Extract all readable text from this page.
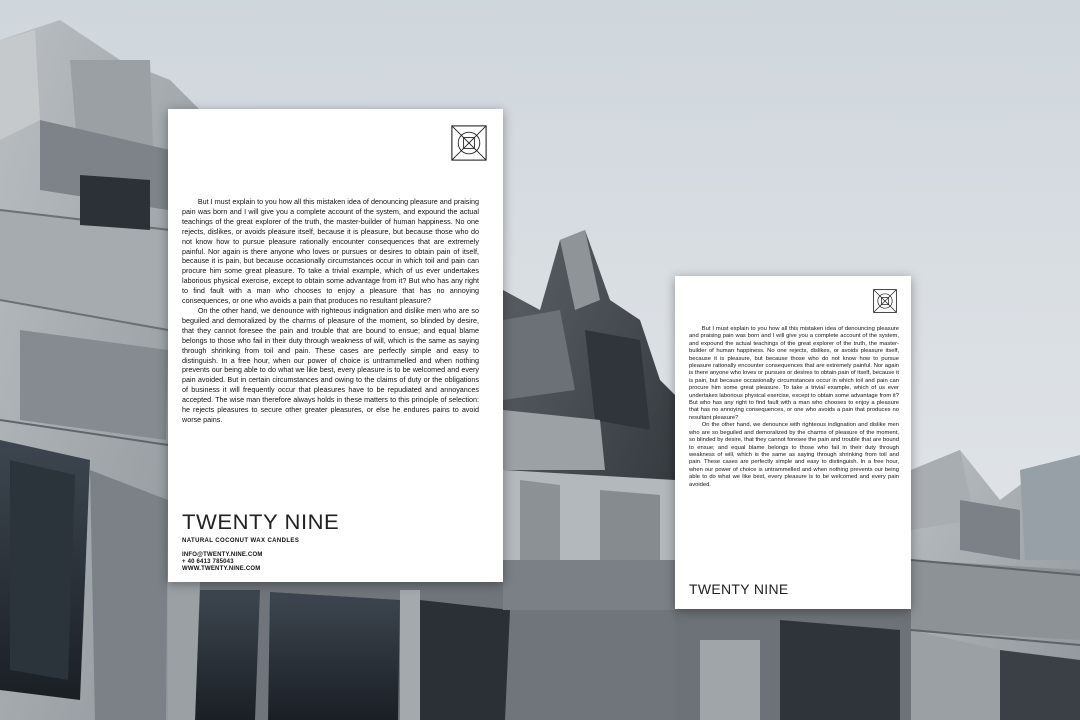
But I must explain to you how all this mistaken idea of denouncing pleasure and praising pain was born and I will give you a complete account of the system, and expound the actual teachings of the great explorer of the truth, the master-builder of human happiness. No one rejects, dislikes, or avoids pleasure itself, because it is pleasure, but because those who do not know how to pursue pleasure rationally encounter consequences that are extremely painful. Nor again is there anyone who loves or pursues or desires to obtain pain of itself, because it is pain, but because occasionally circumstances occur in which toil and pain can procure him some great pleasure. To take a trivial example, which of us ever undertakes laborious physical exercise, except to obtain some advantage from it? But who has any right to find fault with a man who chooses to enjoy a pleasure that has no annoying consequences, or one who avoids a pain that produces no resultant pleasure?

On the other hand, we denounce with righteous indignation and dislike men who are so beguiled and demoralized by the charms of pleasure of the moment, so blinded by desire, that they cannot foresee the pain and trouble that are bound to ensue; and equal blame belongs to those who fail in their duty through weakness of will, which is the same as saying through shrinking from toil and pain. These cases are perfectly simple and easy to distinguish. In a free hour, when our power of choice is untrammelled and when nothing prevents our being able to do what we like best, every pleasure is to be welcomed and every pain avoided. But in certain circumstances and owing to the claims of duty or the obligations of business it will frequently occur that pleasures have to be repudiated and annoyances accepted. The wise man therefore always holds in these matters to this principle of selection: he rejects pleasures to secure other greater pleasures, or else he endures pains to avoid worse pains.

TWENTY NINE
NATURAL COCONUT WAX CANDLES
INFO@TWENTY.NINE.COM
+ 40 6413 785043
WWW.TWENTY.NINE.COM

But I must explain to you how all this mistaken idea of denouncing pleasure and praising pain was born and I will give you a complete account of the system, and expound the actual teachings of the great explorer of the truth, the master-builder of human happiness. No one rejects, dislikes, or avoids pleasure itself, because it is pleasure, but because those who do not know how to pursue pleasure rationally encounter consequences that are extremely painful. Nor again is there anyone who loves or pursues or desires to obtain pain of itself, because it is pain, but because occasionally circumstances occur in which toil and pain can procure him some great pleasure. To take a trivial example, which of us ever undertakes laborious physical exercise, except to obtain some advantage from it? But who has any right to find fault with a man who chooses to enjoy a pleasure that has no annoying consequences, or one who avoids a pain that produces no resultant pleasure?

On the other hand, we denounce with righteous indignation and dislike men who are so beguiled and demoralized by the charms of pleasure of the moment, so blinded by desire, that they cannot foresee the pain and trouble that are bound to ensue; and equal blame belongs to those who fail in their duty through weakness of will, which is the same as saying through shrinking from toil and pain. These cases are perfectly simple and easy to distinguish. In a free hour, when our power of choice is untrammelled and when nothing prevents our being able to do what we like best, every pleasure is to be welcomed and every pain avoided.

TWENTY NINE
